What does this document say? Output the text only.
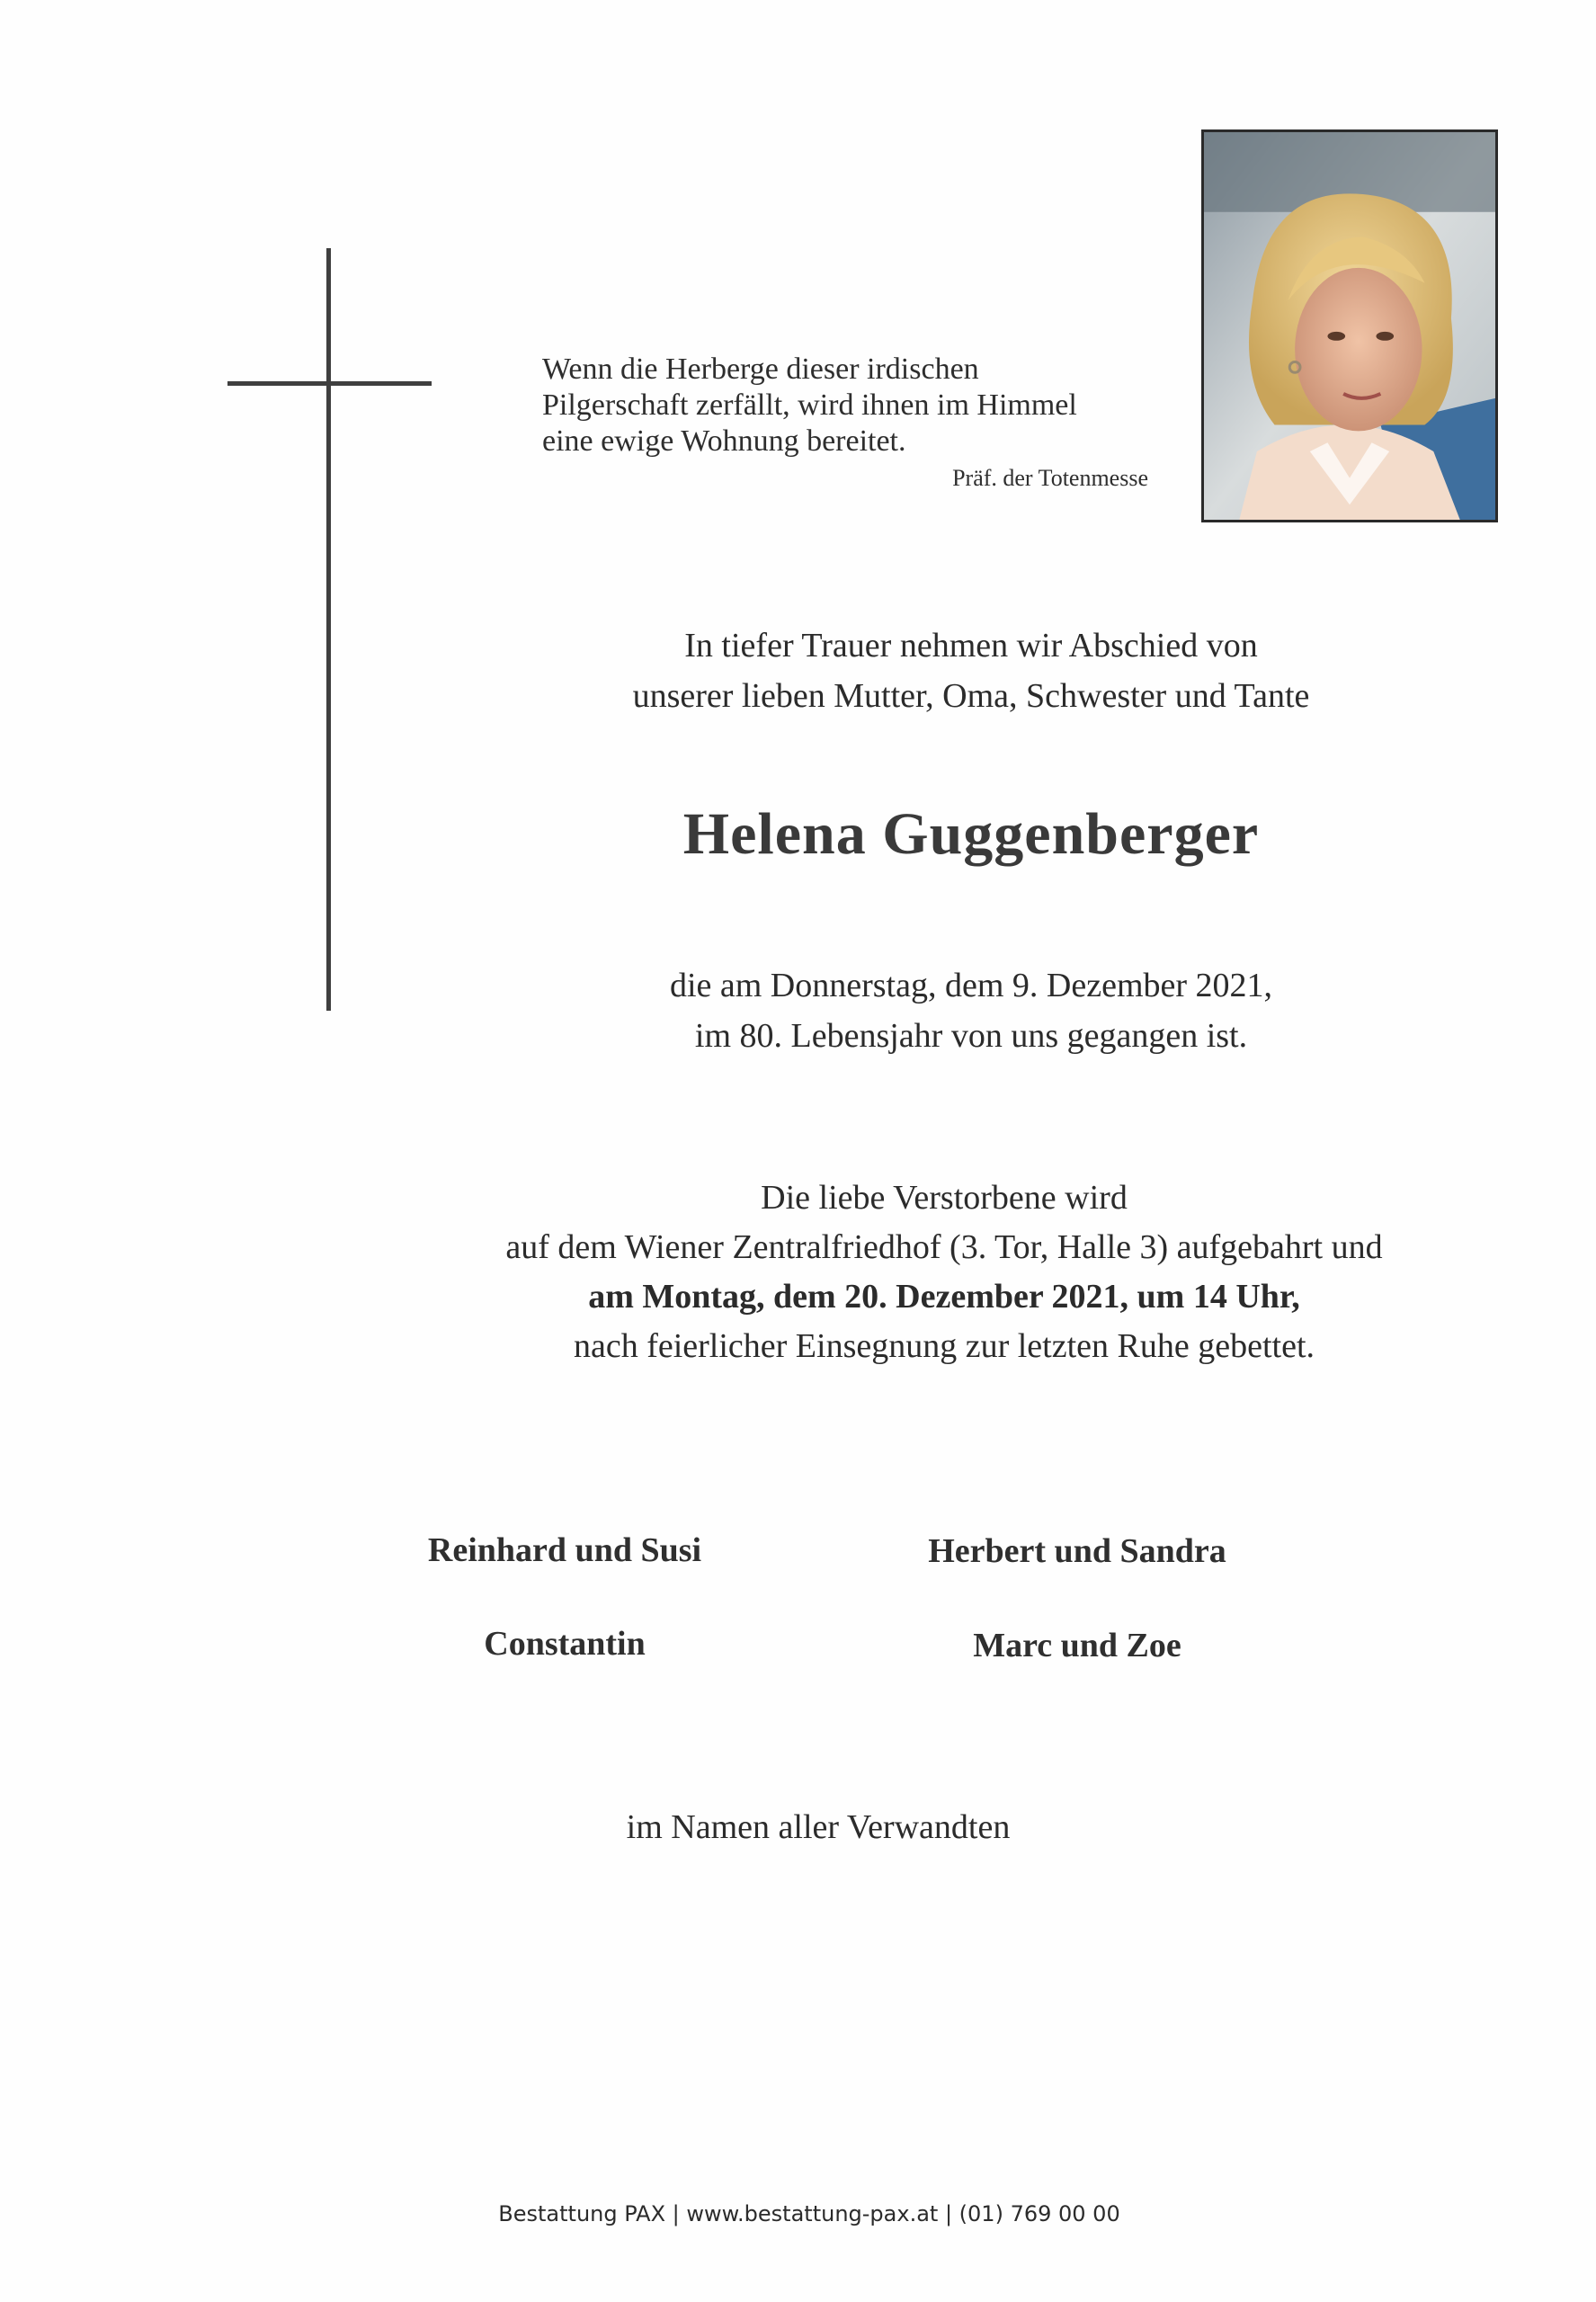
Wenn die Herberge dieser irdischen
Pilgerschaft zerfällt, wird ihnen im Himmel
eine ewige Wohnung bereitet.
Präf. der Totenmesse
In tiefer Trauer nehmen wir Abschied von
unserer lieben Mutter, Oma, Schwester und Tante
Helena Guggenberger
die am Donnerstag, dem 9. Dezember 2021,
im 80. Lebensjahr von uns gegangen ist.
Die liebe Verstorbene wird
auf dem Wiener Zentralfriedhof (3. Tor, Halle 3) aufgebahrt und
am Montag, dem 20. Dezember 2021, um 14 Uhr,
nach feierlicher Einsegnung zur letzten Ruhe gebettet.
Reinhard und Susi	Herbert und Sandra
Constantin	Marc und Zoe
im Namen aller Verwandten
Bestattung PAX | www.bestattung-pax.at | (01) 769 00 00
